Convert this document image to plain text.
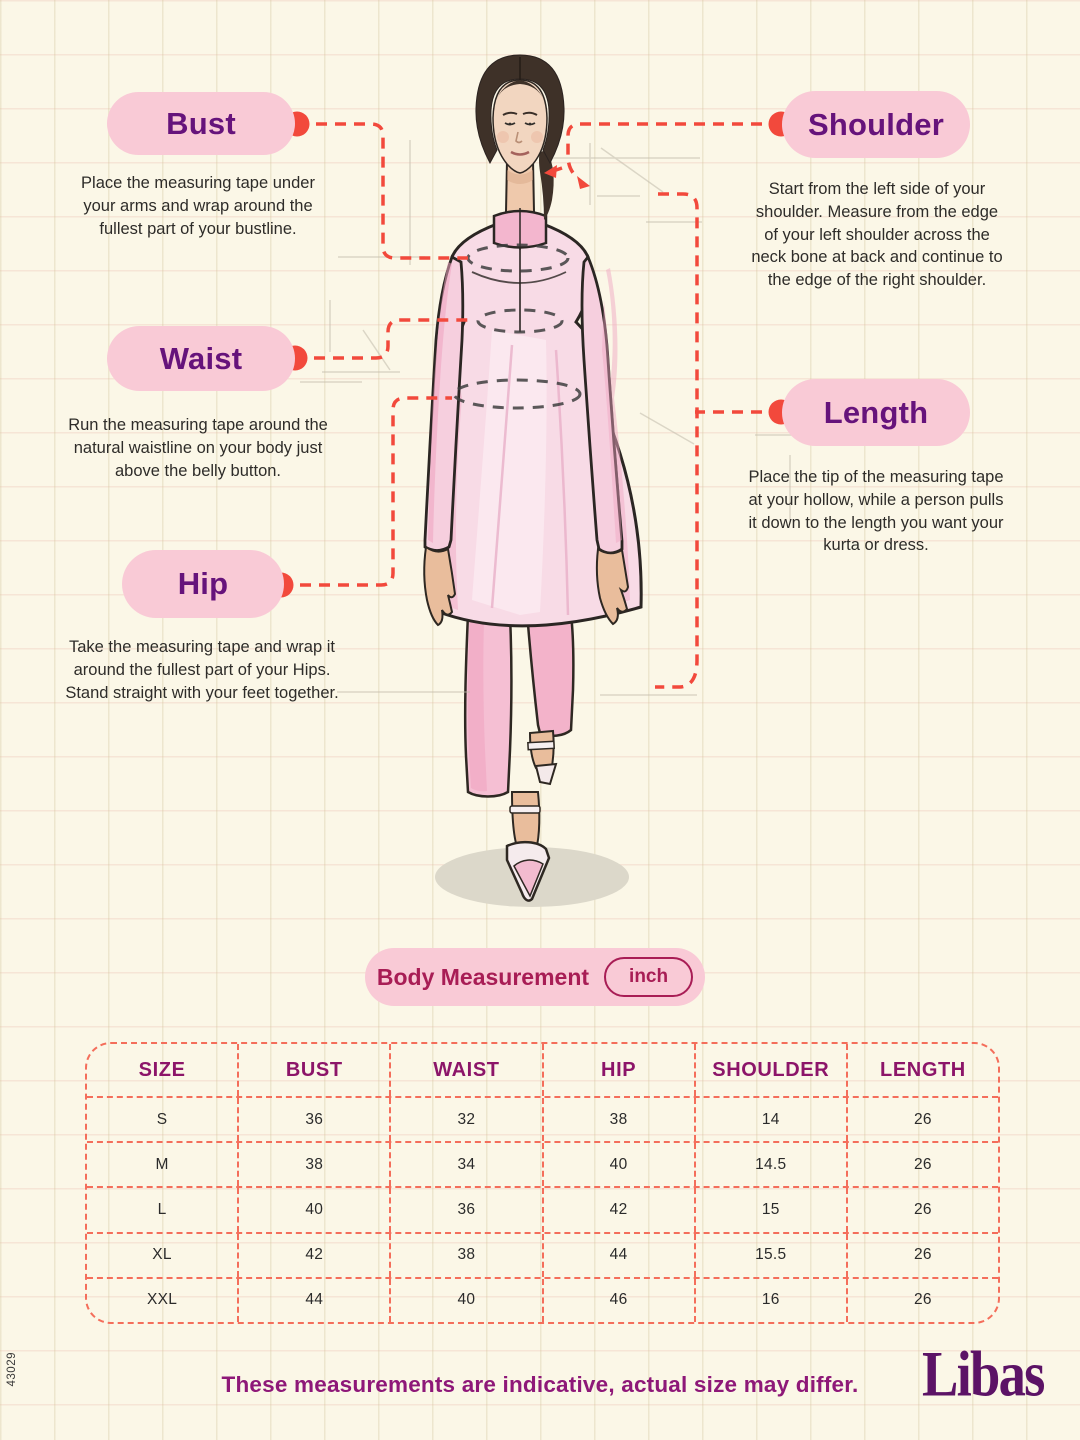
Bust

Place the measuring tape under your arms and wrap around the fullest part of your bustline.

Waist

Run the measuring tape around the natural waistline on your body just above the belly button.

Hip

Take the measuring tape and wrap it around the fullest part of your Hips. Stand straight with your feet together.

Shoulder

Start from the left side of your shoulder. Measure from the edge of your left shoulder across the neck bone at back and continue to the edge of the right shoulder.

Length

Place the tip of the measuring tape at your hollow, while a person pulls it down to the length you want your kurta or dress.

Body Measurement	inch
SIZE	BUST	WAIST	HIP	SHOULDER	LENGTH
S	36	32	38	14	26
M	38	34	40	14.5	26
L	40	36	42	15	26
XL	42	38	44	15.5	26
XXL	44	40	46	16	26
These measurements are indicative, actual size may differ.	Libas
43029
